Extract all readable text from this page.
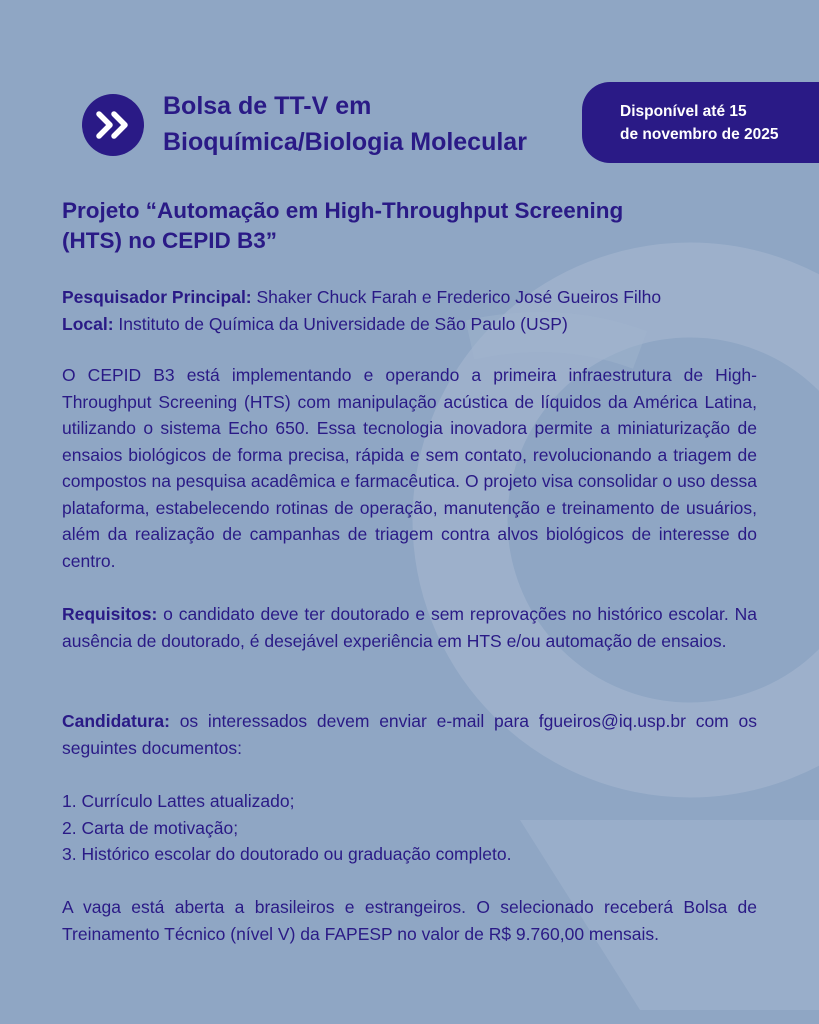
Bolsa de TT-V em
Bioquímica/Biologia Molecular
Disponível até 15
de novembro de 2025
Projeto “Automação em High-Throughput Screening
(HTS) no CEPID B3”

Pesquisador Principal: Shaker Chuck Farah e Frederico José Gueiros Filho

Local: Instituto de Química da Universidade de São Paulo (USP)

O CEPID B3 está implementando e operando a primeira infraestrutura de High-Throughput Screening (HTS) com manipulação acústica de líquidos da América Latina, utilizando o sistema Echo 650. Essa tecnologia inovadora permite a miniaturização de ensaios biológicos de forma precisa, rápida e sem contato, revolucionando a triagem de compostos na pesquisa acadêmica e farmacêutica. O projeto visa consolidar o uso dessa plataforma, estabelecendo rotinas de operação, manutenção e treinamento de usuários, além da realização de campanhas de triagem contra alvos biológicos de interesse do centro.

Requisitos: o candidato deve ter doutorado e sem reprovações no histórico escolar. Na ausência de doutorado, é desejável experiência em HTS e/ou automação de ensaios.

Candidatura: os interessados devem enviar e-mail para fgueiros@iq.usp.br com os seguintes documentos:

1. Currículo Lattes atualizado;

2. Carta de motivação;

3. Histórico escolar do doutorado ou graduação completo.

A vaga está aberta a brasileiros e estrangeiros. O selecionado receberá Bolsa de Treinamento Técnico (nível V) da FAPESP no valor de R$ 9.760,00 mensais.
